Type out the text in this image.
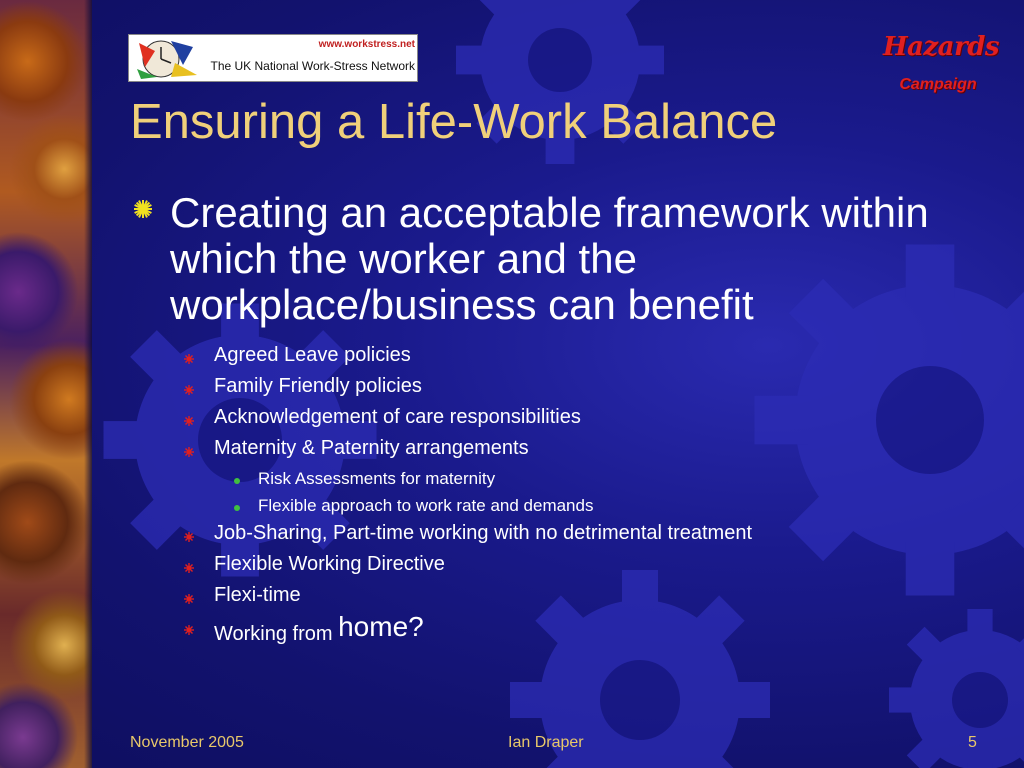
www.workstress.net
The UK National Work-Stress Network
Hazards
Campaign
Ensuring a Life-Work Balance
Creating an acceptable framework within which the worker and the workplace/business can benefit
Agreed Leave policies
Family Friendly policies
Acknowledgement of care responsibilities
Maternity & Paternity arrangements
Risk Assessments for maternity
Flexible approach to work rate and demands
Job-Sharing, Part-time working with no detrimental treatment
Flexible Working Directive
Flexi-time
Working from home?
November 2005	Ian Draper	5
